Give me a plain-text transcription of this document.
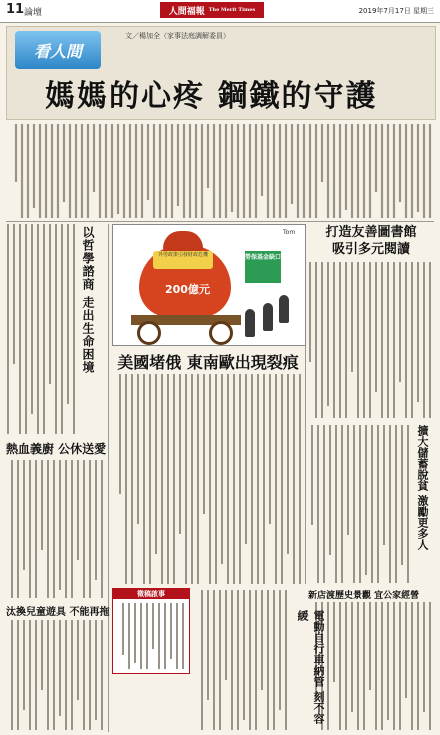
11 論壇	人間福報 The Merit Times	2019年7月17日 星期三
看人間
文／楊加全（家事法庭調解委員）
媽媽的心疼 鋼鐵的守護
打造友善圖書館
吸引多元閱讀
外勞政策引發財政危機
200億元
勞保基金缺口
Tom
美國堵俄 東南歐出現裂痕
以哲學諮商 走出生命困境
熱血義廚 公休送愛
汰換兒童遊具 不能再拖
擴大儲蓄脫貧 激勵更多人
新店渡歷史景觀 宜公家經營
電動自行車納管 刻不容緩
徵稿啟事
